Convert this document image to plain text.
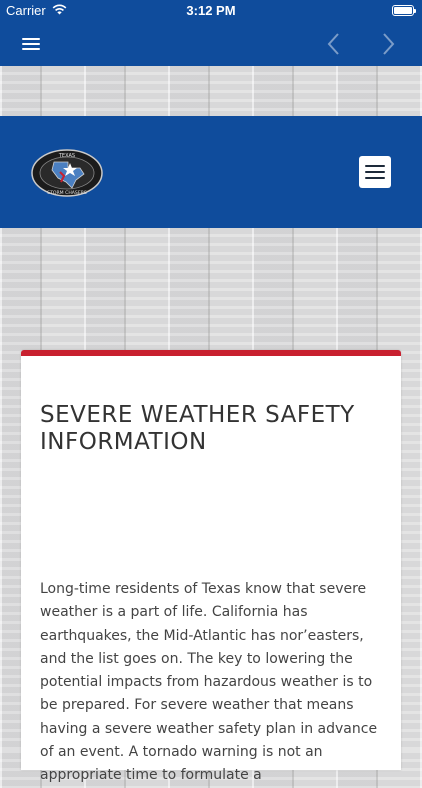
Carrier	3:12 PM
TEXAS
STORM CHASERS
SEVERE WEATHER SAFETY INFORMATION

Long-time residents of Texas know that severe weather is a part of life. California has earthquakes, the Mid-Atlantic has nor’easters, and the list goes on. The key to lowering the potential impacts from hazardous weather is to be prepared. For severe weather that means having a severe weather safety plan in advance of an event. A tornado warning is not an appropriate time to formulate a
